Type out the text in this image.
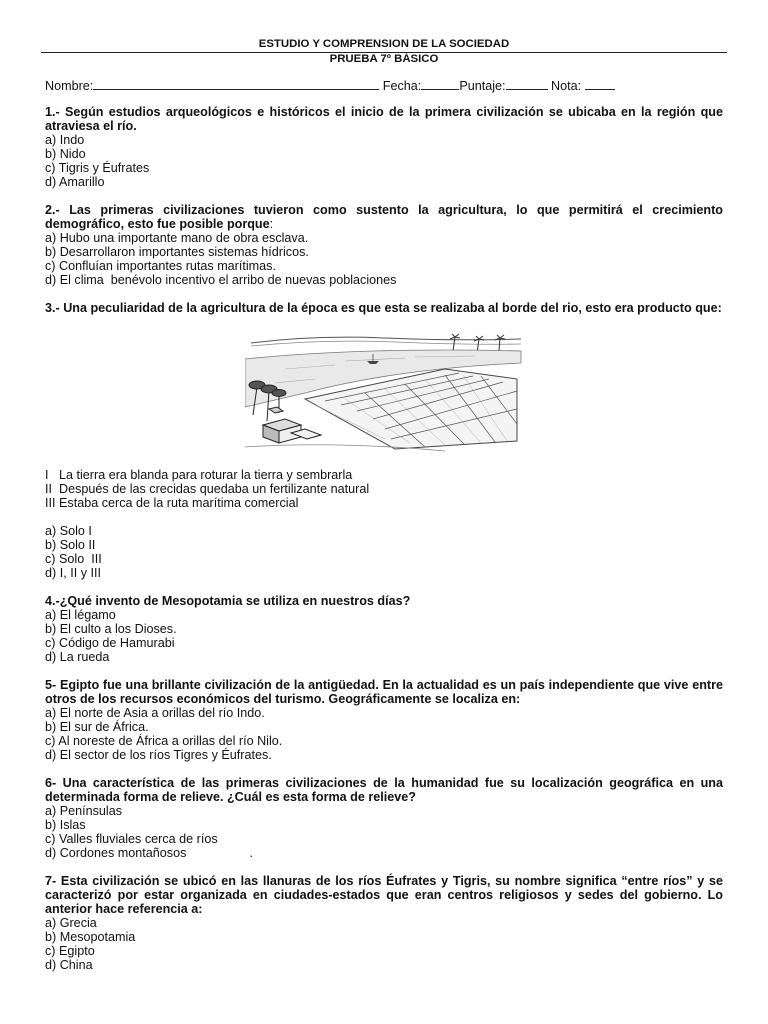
ESTUDIO Y COMPRENSION DE LA SOCIEDAD
PRUEBA 7º BÁSICO
Nombre:	Fecha:	Puntaje:	Nota:
1.- Según estudios arqueológicos e históricos el inicio de la primera civilización se ubicaba en la región que atraviesa el río.
a) Indo
b) Nido
c) Tigris y Éufrates
d) Amarillo
2.- Las primeras civilizaciones tuvieron como sustento la agricultura, lo que permitirá el crecimiento demográfico, esto fue posible porque:
a) Hubo una importante mano de obra esclava.
b) Desarrollaron importantes sistemas hídricos.
c) Confluían importantes rutas marítimas.
d) El clima  benévolo incentivo el arribo de nuevas poblaciones
3.- Una peculiaridad de la agricultura de la época es que esta se realizaba al borde del rio, esto era producto que:
I   La tierra era blanda para roturar la tierra y sembrarla
II  Después de las crecidas quedaba un fertilizante natural
III Estaba cerca de la ruta marítima comercial
a) Solo I
b) Solo II
c) Solo  III
d) I, II y III
4.-¿Qué invento de Mesopotamia se utiliza en nuestros días?
a) El légamo
b) El culto a los Dioses.
c) Código de Hamurabi
d) La rueda
5- Egipto fue una brillante civilización de la antigüedad. En la actualidad es un país independiente que vive entre otros de los recursos económicos del turismo. Geográficamente se localiza en:
a) El norte de Asia a orillas del río Indo.
b) El sur de África.
c) Al noreste de África a orillas del río Nilo.
d) El sector de los ríos Tigres y Éufrates.
6- Una característica de las primeras civilizaciones de la humanidad fue su localización geográfica en una determinada forma de relieve. ¿Cuál es esta forma de relieve?
a) Penínsulas
b) Islas
c) Valles fluviales cerca de ríos
d) Cordones montañosos                  .
7- Esta civilización se ubicó en las llanuras de los ríos Éufrates y Tigris, su nombre significa “entre ríos” y se caracterizó por estar organizada en ciudades-estados que eran centros religiosos y sedes del gobierno. Lo anterior hace referencia a:
a) Grecia
b) Mesopotamia
c) Egipto
d) China
